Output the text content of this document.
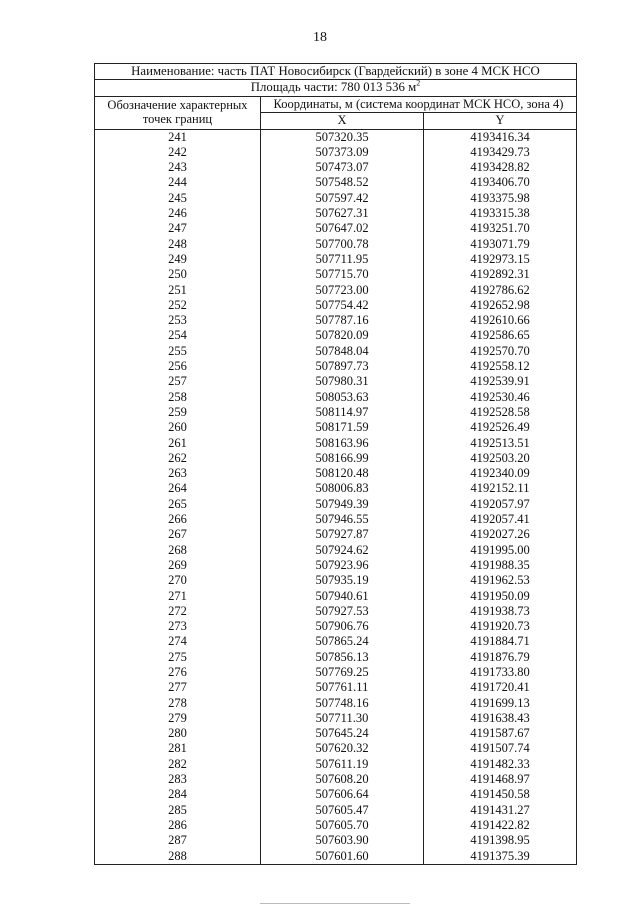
18
Наименование: часть ПАТ Новосибирск (Гвардейский) в зоне 4 МСК НСО		
Площадь части: 780 013 536 $м^2$

Обозначение характерных
точек границ	Координаты, м (система координат МСК НСО, зона 4)	
	X	Y
241	507320.35	4193416.34
242	507373.09	4193429.73
243	507473.07	4193428.82
244	507548.52	4193406.70
245	507597.42	4193375.98
246	507627.31	4193315.38
247	507647.02	4193251.70
248	507700.78	4193071.79
249	507711.95	4192973.15
250	507715.70	4192892.31
251	507723.00	4192786.62
252	507754.42	4192652.98
253	507787.16	4192610.66
254	507820.09	4192586.65
255	507848.04	4192570.70
256	507897.73	4192558.12
257	507980.31	4192539.91
258	508053.63	4192530.46
259	508114.97	4192528.58
260	508171.59	4192526.49
261	508163.96	4192513.51
262	508166.99	4192503.20
263	508120.48	4192340.09
264	508006.83	4192152.11
265	507949.39	4192057.97
266	507946.55	4192057.41
267	507927.87	4192027.26
268	507924.62	4191995.00
269	507923.96	4191988.35
270	507935.19	4191962.53
271	507940.61	4191950.09
272	507927.53	4191938.73
273	507906.76	4191920.73
274	507865.24	4191884.71
275	507856.13	4191876.79
276	507769.25	4191733.80
277	507761.11	4191720.41
278	507748.16	4191699.13
279	507711.30	4191638.43
280	507645.24	4191587.67
281	507620.32	4191507.74
282	507611.19	4191482.33
283	507608.20	4191468.97
284	507606.64	4191450.58
285	507605.47	4191431.27
286	507605.70	4191422.82
287	507603.90	4191398.95
288	507601.60	4191375.39
